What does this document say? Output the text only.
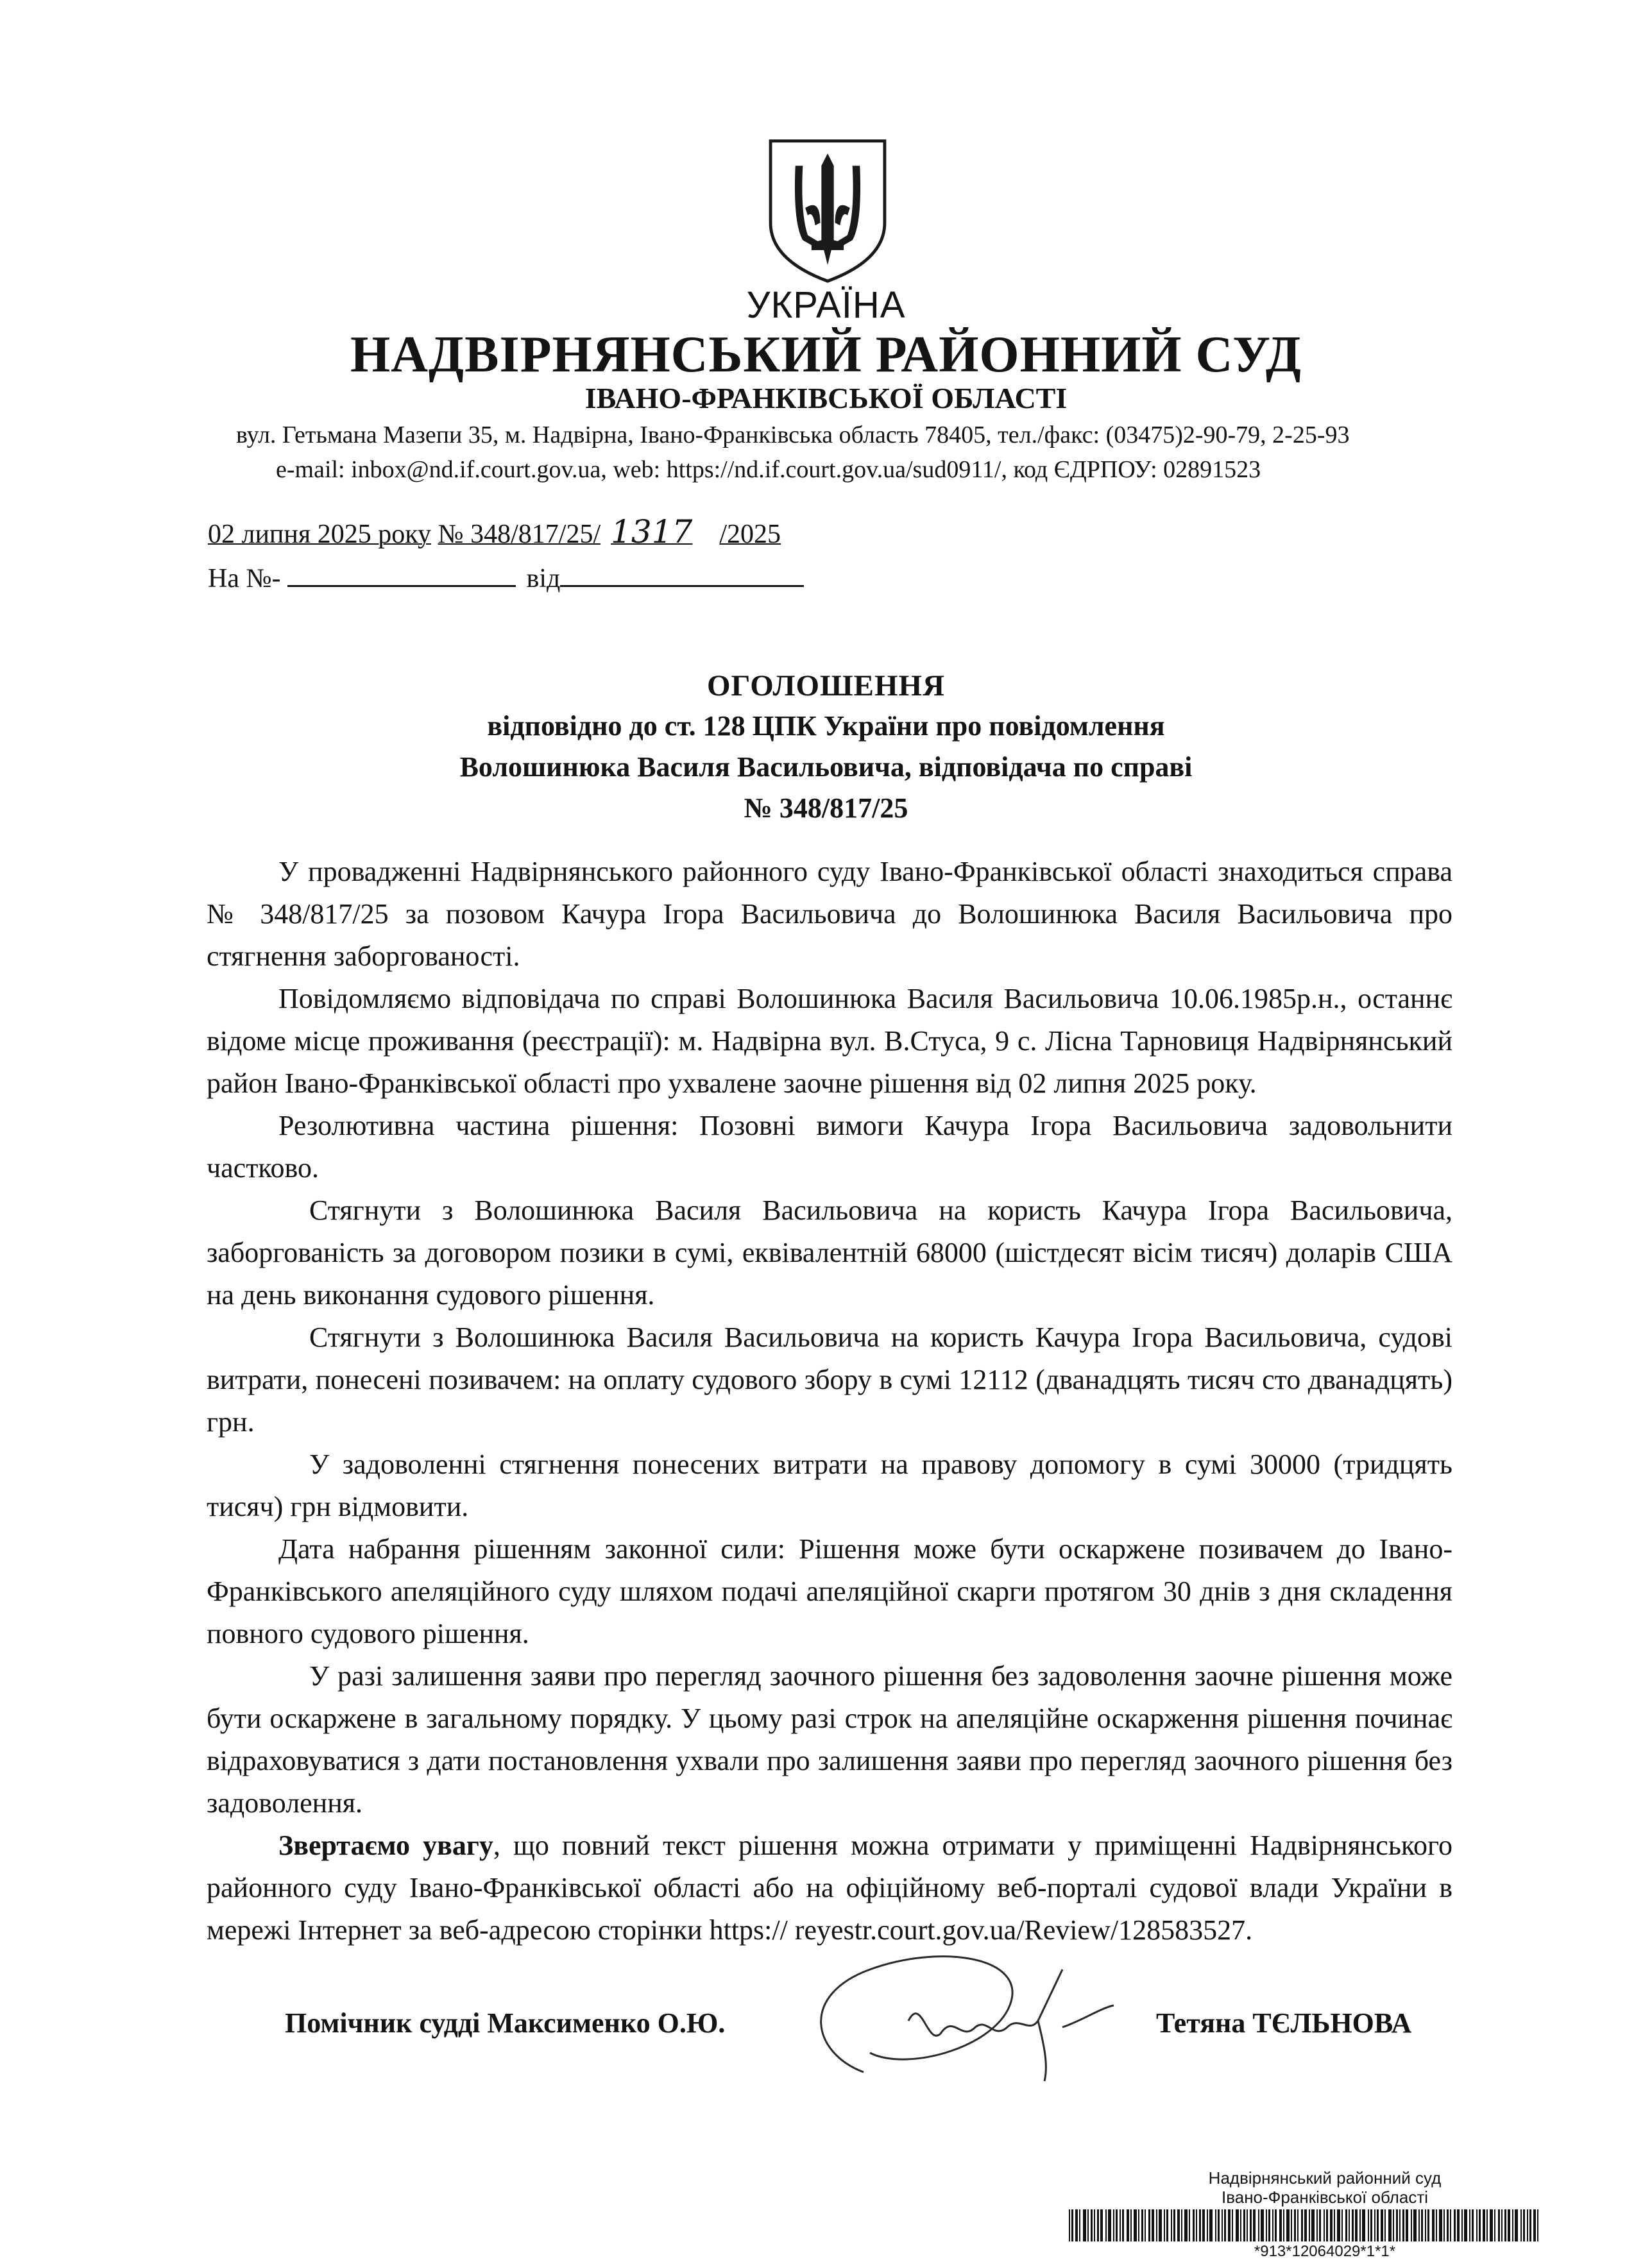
УКРАЇНА
НАДВІРНЯНСЬКИЙ РАЙОННИЙ СУД
ІВАНО-ФРАНКІВСЬКОЇ ОБЛАСТІ
вул. Гетьмана Мазепи 35, м. Надвірна, Івано-Франківська область 78405, тел./факс: (03475)2-90-79, 2-25-93
e-mail: inbox@nd.if.court.gov.ua, web: https://nd.if.court.gov.ua/sud0911/, код ЄДРПОУ: 02891523
02 липня 2025 року № 348/817/25/ 1317 /2025
На №-	від
ОГОЛОШЕННЯ
відповідно до ст. 128 ЦПК України про повідомлення
Волошинюка Василя Васильовича, відповідача по справі
№ 348/817/25

У провадженні Надвірнянського районного суду Івано-Франківської області знаходиться справа № 348/817/25 за позовом Качура Ігора Васильовича до Волошинюка Василя Васильовича про стягнення заборгованості.

Повідомляємо відповідача по справі Волошинюка Василя Васильовича 10.06.1985р.н., останнє відоме місце проживання (реєстрації): м. Надвірна вул. В.Стуса, 9 с. Лісна Тарновиця Надвірнянський район Івано-Франківської області про ухвалене заочне рішення від 02 липня 2025 року.

Резолютивна частина рішення: Позовні вимоги Качура Ігора Васильовича задовольнити частково.

Стягнути з Волошинюка Василя Васильовича на користь Качура Ігора Васильовича, заборгованість за договором позики в сумі, еквівалентній 68000 (шістдесят вісім тисяч) доларів США на день виконання судового рішення.

Стягнути з Волошинюка Василя Васильовича на користь Качура Ігора Васильовича, судові витрати, понесені позивачем: на оплату судового збору в сумі 12112 (дванадцять тисяч сто дванадцять) грн.

У задоволенні стягнення понесених витрати на правову допомогу в сумі 30000 (тридцять тисяч) грн відмовити.

Дата набрання рішенням законної сили: Рішення може бути оскаржене позивачем до Івано-Франківського апеляційного суду шляхом подачі апеляційної скарги протягом 30 днів з дня складення повного судового рішення.

У разі залишення заяви про перегляд заочного рішення без задоволення заочне рішення може бути оскаржене в загальному порядку. У цьому разі строк на апеляційне оскарження рішення починає відраховуватися з дати постановлення ухвали про залишення заяви про перегляд заочного рішення без задоволення.

Звертаємо увагу, що повний текст рішення можна отримати у приміщенні Надвірнянського районного суду Івано-Франківської області або на офіційному веб-порталі судової влади України в мережі Інтернет за веб-адресою сторінки https:// reyestr.court.gov.ua/Review/128583527.

Помічник судді Максименко О.Ю.	Тетяна ТЄЛЬНОВА
Надвірнянський районний суд
Івано-Франківської області
*913*12064029*1*1*
